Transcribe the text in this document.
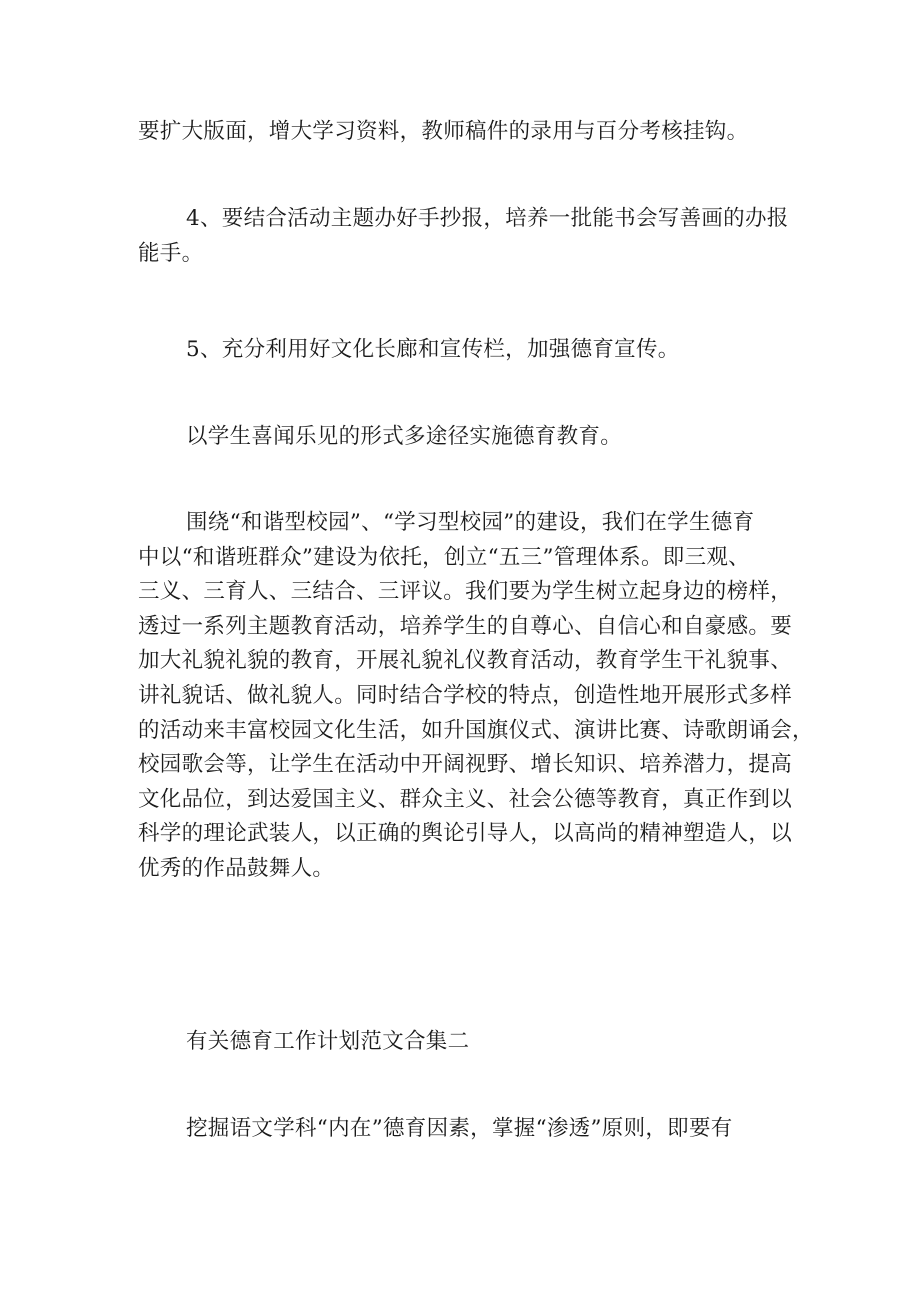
要扩大版面，增大学习资料，教师稿件的录用与百分考核挂钩。
4、要结合活动主题办好手抄报，培养一批能书会写善画的办报
能手。
5、充分利用好文化长廊和宣传栏，加强德育宣传。
以学生喜闻乐见的形式多途径实施德育教育。
围绕“和谐型校园”、“学习型校园”的建设，我们在学生德育
中以“和谐班群众”建设为依托，创立“五三”管理体系。即三观、
三义、三育人、三结合、三评议。我们要为学生树立起身边的榜样，
透过一系列主题教育活动，培养学生的自尊心、自信心和自豪感。要
加大礼貌礼貌的教育，开展礼貌礼仪教育活动，教育学生干礼貌事、
讲礼貌话、做礼貌人。同时结合学校的特点，创造性地开展形式多样
的活动来丰富校园文化生活，如升国旗仪式、演讲比赛、诗歌朗诵会，
校园歌会等，让学生在活动中开阔视野、增长知识、培养潜力，提高
文化品位，到达爱国主义、群众主义、社会公德等教育，真正作到以
科学的理论武装人，以正确的舆论引导人，以高尚的精神塑造人，以
优秀的作品鼓舞人。
有关德育工作计划范文合集二
挖掘语文学科“内在”德育因素，掌握“渗透”原则，即要有
